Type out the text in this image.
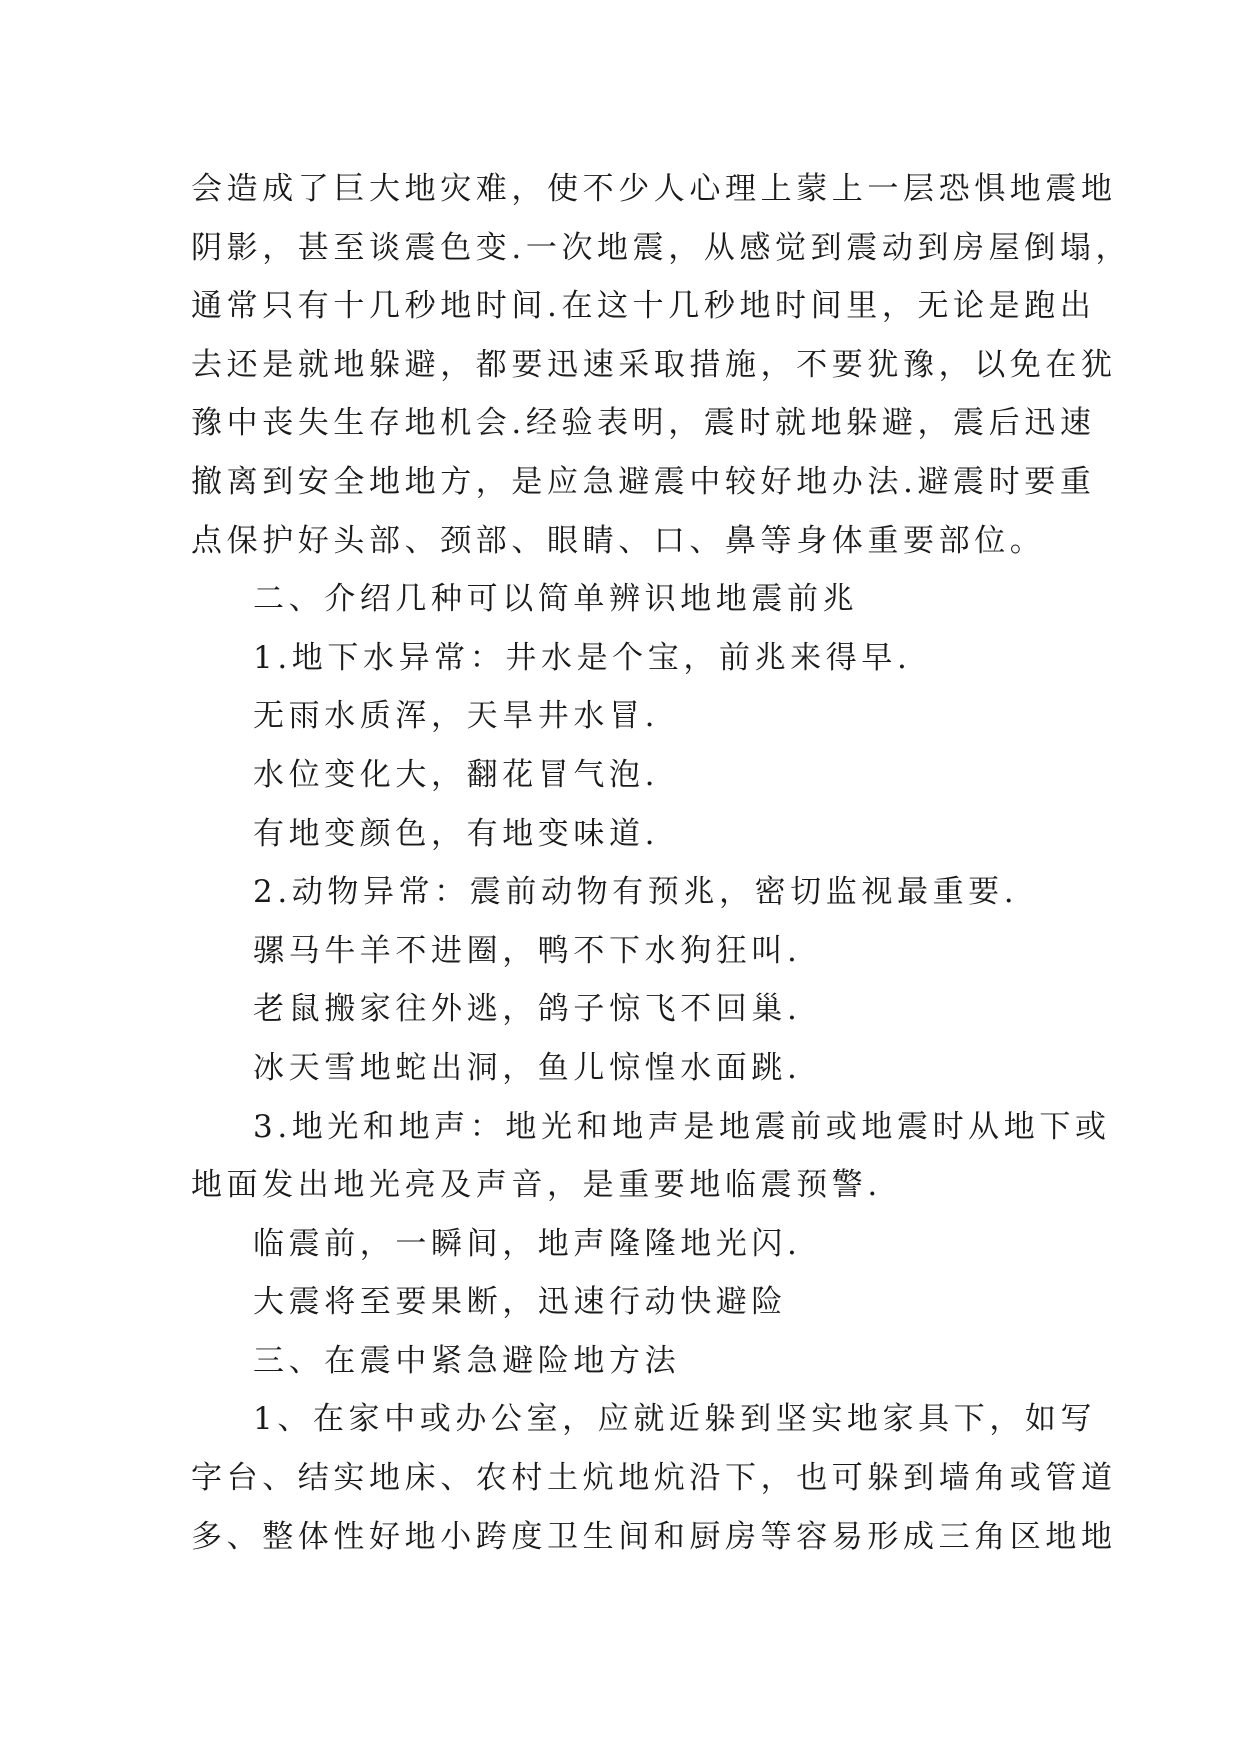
会造成了巨大地灾难，使不少人心理上蒙上一层恐惧地震地
阴影，甚至谈震色变.一次地震，从感觉到震动到房屋倒塌，
通常只有十几秒地时间.在这十几秒地时间里，无论是跑出
去还是就地躲避，都要迅速采取措施，不要犹豫，以免在犹
豫中丧失生存地机会.经验表明，震时就地躲避，震后迅速
撤离到安全地地方，是应急避震中较好地办法.避震时要重
点保护好头部、颈部、眼睛、口、鼻等身体重要部位。
二、介绍几种可以简单辨识地地震前兆
1.地下水异常：井水是个宝，前兆来得早.
无雨水质浑，天旱井水冒.
水位变化大，翻花冒气泡.
有地变颜色，有地变味道.
2.动物异常：震前动物有预兆，密切监视最重要.
骡马牛羊不进圈，鸭不下水狗狂叫.
老鼠搬家往外逃，鸽子惊飞不回巢.
冰天雪地蛇出洞，鱼儿惊惶水面跳.
3.地光和地声：地光和地声是地震前或地震时从地下或
地面发出地光亮及声音，是重要地临震预警.
临震前，一瞬间，地声隆隆地光闪.
大震将至要果断，迅速行动快避险
三、在震中紧急避险地方法
1、在家中或办公室，应就近躲到坚实地家具下，如写
字台、结实地床、农村土炕地炕沿下，也可躲到墙角或管道
多、整体性好地小跨度卫生间和厨房等容易形成三角区地地
